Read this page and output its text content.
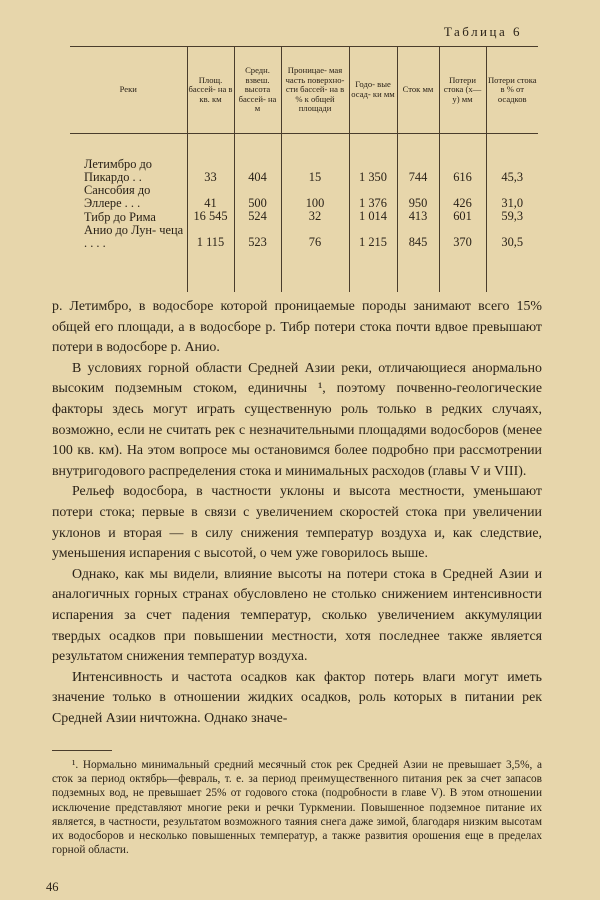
Таблица 6
Реки	Площ. бассей- на в кв. км	Средн. взвеш. высота бассей- на м	Проницае- мая часть поверхно- сти бассей- на в % к общей площади	Годо- вые осад- ки мм	Сток мм	Потери стока (x—y) мм	Потери стока в % от осадков

Летимбро до Пикардо . .	33	404	15	1 350	744	616	45,3
Сансобия до Эллере . . .	41	500	100	1 376	950	426	31,0
Тибр до Рима	16 545	524	32	1 014	413	601	59,3
Анио до Лун- чеца . . . .	1 115	523	76	1 215	845	370	30,5

р. Летимбро, в водосборе которой проницаемые породы занимают всего 15% общей его площади, а в водосборе р. Тибр потери стока почти вдвое превышают потери в водосборе р. Анио.

В условиях горной области Средней Азии реки, отличающиеся анормально высоким подземным стоком, единичны ¹, поэтому почвенно-геологические факторы здесь могут играть существенную роль только в редких случаях, возможно, если не считать рек с незначительными площадями водосборов (менее 100 кв. км). На этом вопросе мы остановимся более подробно при рассмотрении внутригодового распределения стока и минимальных расходов (главы V и VIII).

Рельеф водосбора, в частности уклоны и высота местности, уменьшают потери стока; первые в связи с увеличением скоростей стока при увеличении уклонов и вторая — в силу снижения температур воздуха и, как следствие, уменьшения испарения с высотой, о чем уже говорилось выше.

Однако, как мы видели, влияние высоты на потери стока в Средней Азии и аналогичных горных странах обусловлено не столько снижением интенсивности испарения за счет падения температур, сколько увеличением аккумуляции твердых осадков при повышении местности, хотя последнее также является результатом снижения температур воздуха.

Интенсивность и частота осадков как фактор потерь влаги могут иметь значение только в отношении жидких осадков, роль которых в питании рек Средней Азии ничтожна. Однако значе-

¹. Нормально минимальный средний месячный сток рек Средней Азии не превышает 3,5%, а сток за период октябрь—февраль, т. е. за период преимущественного питания рек за счет запасов подземных вод, не превышает 25% от годового стока (подробности в главе V). В этом отношении исключение представляют многие реки и речки Туркмении. Повышенное подземное питание их является, в частности, результатом возможного таяния снега даже зимой, благодаря низким высотам их водосборов и несколько повышенных температур, а также развития орошения еще в пределах горной области.

46
